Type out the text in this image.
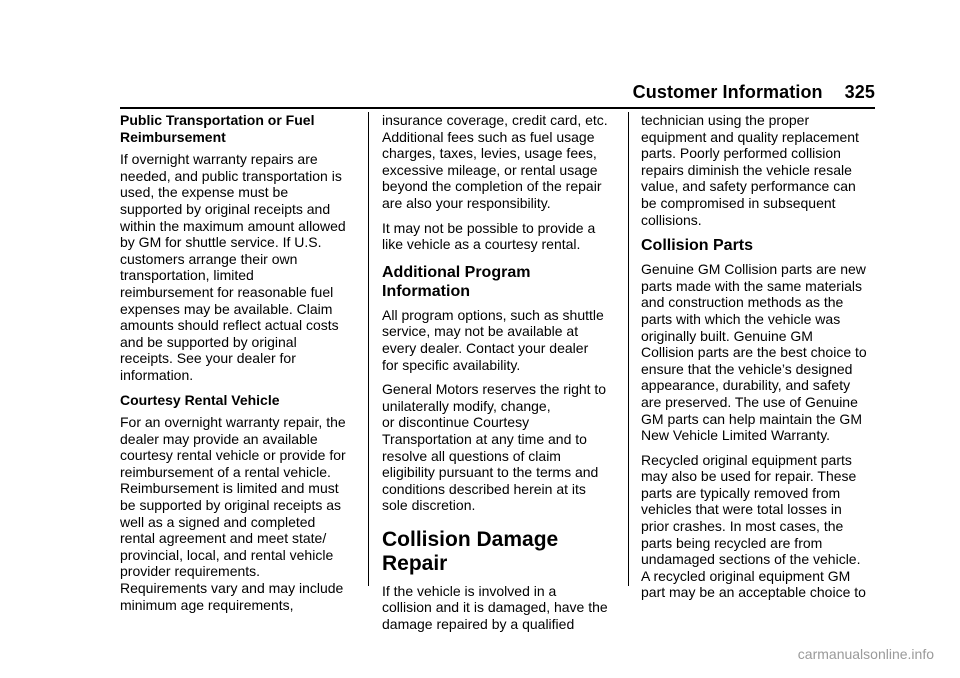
Customer Information 325

Public Transportation or Fuel
Reimbursement

If overnight warranty repairs are
needed, and public transportation is
used, the expense must be
supported by original receipts and
within the maximum amount allowed
by GM for shuttle service. If U.S.
customers arrange their own
transportation, limited
reimbursement for reasonable fuel
expenses may be available. Claim
amounts should reflect actual costs
and be supported by original
receipts. See your dealer for
information.

Courtesy Rental Vehicle

For an overnight warranty repair, the
dealer may provide an available
courtesy rental vehicle or provide for
reimbursement of a rental vehicle.
Reimbursement is limited and must
be supported by original receipts as
well as a signed and completed
rental agreement and meet state/
provincial, local, and rental vehicle
provider requirements.
Requirements vary and may include
minimum age requirements,

insurance coverage, credit card, etc.
Additional fees such as fuel usage
charges, taxes, levies, usage fees,
excessive mileage, or rental usage
beyond the completion of the repair
are also your responsibility.

It may not be possible to provide a
like vehicle as a courtesy rental.

Additional Program
Information

All program options, such as shuttle
service, may not be available at
every dealer. Contact your dealer
for specific availability.

General Motors reserves the right to
unilaterally modify, change,
or discontinue Courtesy
Transportation at any time and to
resolve all questions of claim
eligibility pursuant to the terms and
conditions described herein at its
sole discretion.

Collision Damage Repair

If the vehicle is involved in a
collision and it is damaged, have the
damage repaired by a qualified

technician using the proper
equipment and quality replacement
parts. Poorly performed collision
repairs diminish the vehicle resale
value, and safety performance can
be compromised in subsequent
collisions.

Collision Parts

Genuine GM Collision parts are new
parts made with the same materials
and construction methods as the
parts with which the vehicle was
originally built. Genuine GM
Collision parts are the best choice to
ensure that the vehicle’s designed
appearance, durability, and safety
are preserved. The use of Genuine
GM parts can help maintain the GM
New Vehicle Limited Warranty.

Recycled original equipment parts
may also be used for repair. These
parts are typically removed from
vehicles that were total losses in
prior crashes. In most cases, the
parts being recycled are from
undamaged sections of the vehicle.
A recycled original equipment GM
part may be an acceptable choice to

carmanualsonline.info
